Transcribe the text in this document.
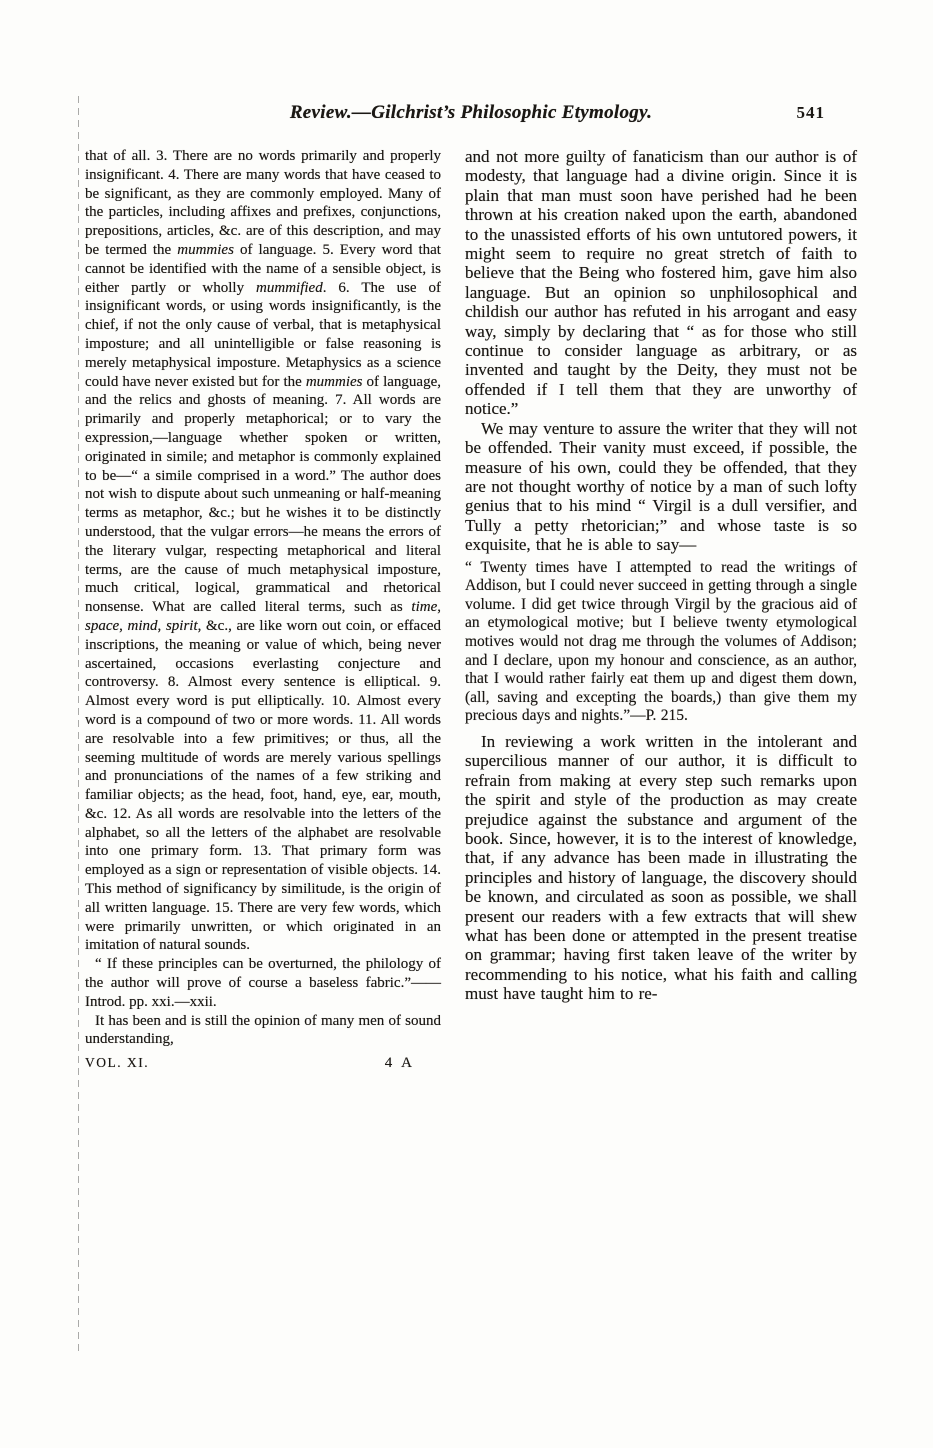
Review.—Gilchrist’s Philosophic Etymology.	541

that of all. 3. There are no words primarily and properly insignificant. 4. There are many words that have ceased to be significant, as they are commonly employed. Many of the particles, including affixes and prefixes, conjunctions, prepositions, articles, &c. are of this description, and may be termed the mummies of language. 5. Every word that cannot be identified with the name of a sensible object, is either partly or wholly mummified. 6. The use of insignificant words, or using words insignificantly, is the chief, if not the only cause of verbal, that is metaphysical imposture; and all unintelligible or false reasoning is merely metaphysical imposture. Metaphysics as a science could have never existed but for the mummies of language, and the relics and ghosts of meaning. 7. All words are primarily and properly metaphorical; or to vary the expression,—language whether spoken or written, originated in simile; and metaphor is commonly explained to be—“ a simile comprised in a word.” The author does not wish to dispute about such unmeaning or half-meaning terms as metaphor, &c.; but he wishes it to be distinctly understood, that the vulgar errors—he means the errors of the literary vulgar, respecting metaphorical and literal terms, are the cause of much metaphysical imposture, much critical, logical, grammatical and rhetorical nonsense. What are called literal terms, such as time, space, mind, spirit, &c., are like worn out coin, or effaced inscriptions, the meaning or value of which, being never ascertained, occasions everlasting conjecture and controversy. 8. Almost every sentence is elliptical. 9. Almost every word is put elliptically. 10. Almost every word is a compound of two or more words. 11. All words are resolvable into a few primitives; or thus, all the seeming multitude of words are merely various spellings and pronunciations of the names of a few striking and familiar objects; as the head, foot, hand, eye, ear, mouth, &c. 12. As all words are resolvable into the letters of the alphabet, so all the letters of the alphabet are resolvable into one primary form. 13. That primary form was employed as a sign or representation of visible objects. 14. This method of significancy by similitude, is the origin of all written language. 15. There are very few words, which were primarily unwritten, or which originated in an imitation of natural sounds.

“ If these principles can be overturned, the philology of the author will prove of course a baseless fabric.”——Introd. pp. xxi.—xxii.

It has been and is still the opinion of many men of sound understanding,

VOL. XI.	4 A

and not more guilty of fanaticism than our author is of modesty, that language had a divine origin. Since it is plain that man must soon have perished had he been thrown at his creation naked upon the earth, abandoned to the unassisted efforts of his own untutored powers, it might seem to require no great stretch of faith to believe that the Being who fostered him, gave him also language. But an opinion so unphilosophical and childish our author has refuted in his arrogant and easy way, simply by declaring that “ as for those who still continue to consider language as arbitrary, or as invented and taught by the Deity, they must not be offended if I tell them that they are unworthy of notice.”

We may venture to assure the writer that they will not be offended. Their vanity must exceed, if possible, the measure of his own, could they be offended, that they are not thought worthy of notice by a man of such lofty genius that to his mind “ Virgil is a dull versifier, and Tully a petty rhetorician;” and whose taste is so exquisite, that he is able to say—

“ Twenty times have I attempted to read the writings of Addison, but I could never succeed in getting through a single volume. I did get twice through Virgil by the gracious aid of an etymological motive; but I believe twenty etymological motives would not drag me through the volumes of Addison; and I declare, upon my honour and conscience, as an author, that I would rather fairly eat them up and digest them down, (all, saving and excepting the boards,) than give them my precious days and nights.”—P. 215.

In reviewing a work written in the intolerant and supercilious manner of our author, it is difficult to refrain from making at every step such remarks upon the spirit and style of the production as may create prejudice against the substance and argument of the book. Since, however, it is to the interest of knowledge, that, if any advance has been made in illustrating the principles and history of language, the discovery should be known, and circulated as soon as possible, we shall present our readers with a few extracts that will shew what has been done or attempted in the present treatise on grammar; having first taken leave of the writer by recommending to his notice, what his faith and calling must have taught him to re-
